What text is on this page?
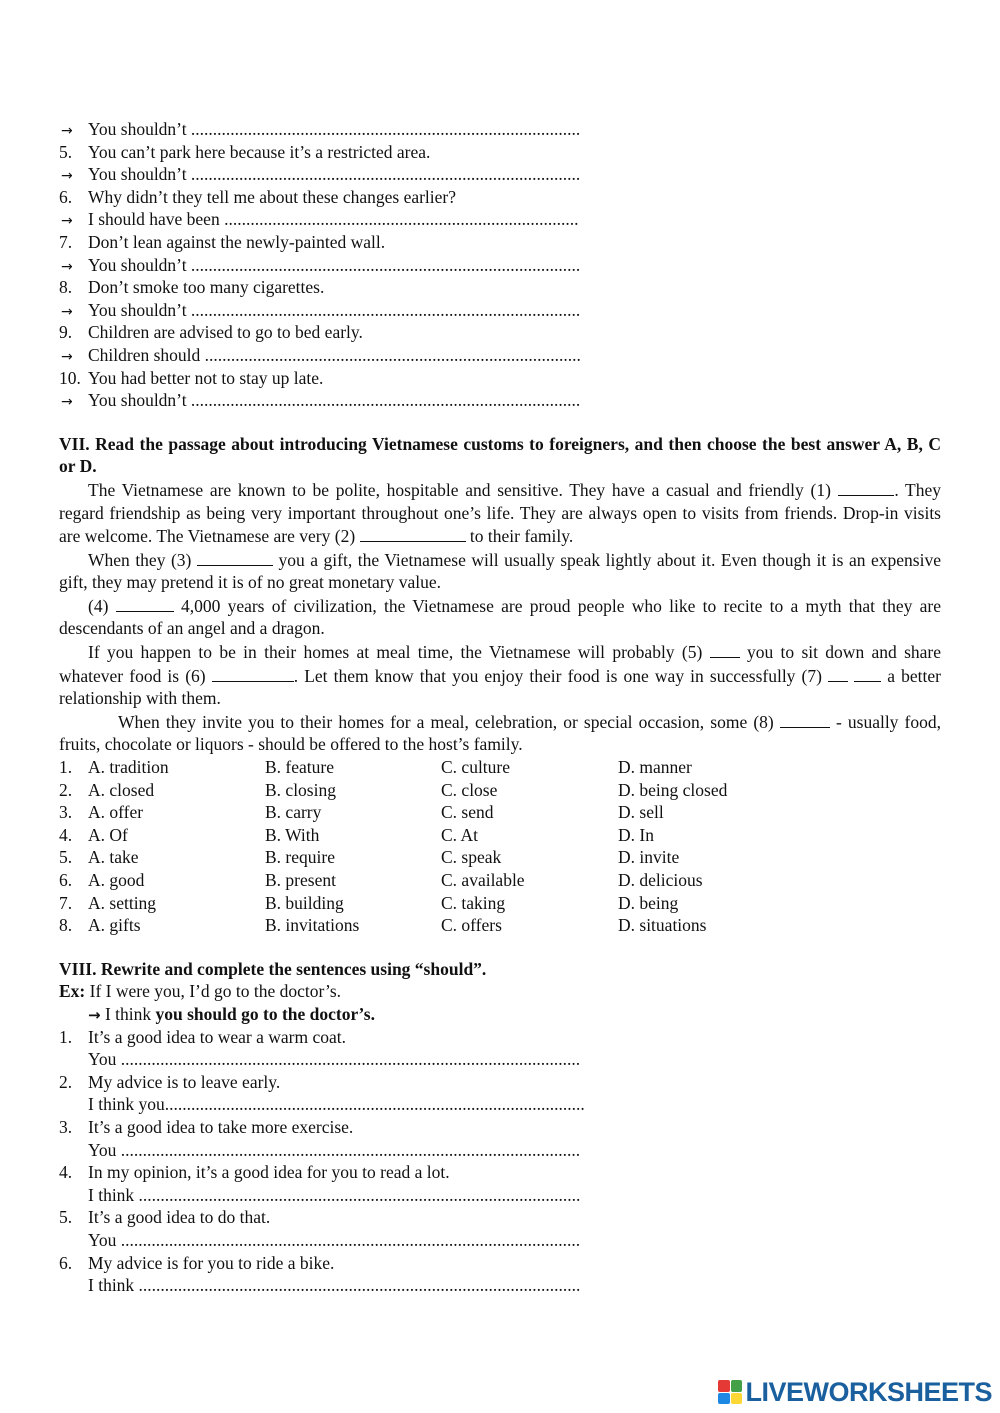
→ You shouldn’t .........................................................................................
5. You can’t park here because it’s a restricted area.
→ You shouldn’t .........................................................................................
6. Why didn’t they tell me about these changes earlier?
→ I should have been .................................................................................
7. Don’t lean against the newly-painted wall.
→ You shouldn’t .........................................................................................
8. Don’t smoke too many cigarettes.
→ You shouldn’t .........................................................................................
9. Children are advised to go to bed early.
→ Children should ......................................................................................
10. You had better not to stay up late.
→ You shouldn’t .........................................................................................
VII. Read the passage about introducing Vietnamese customs to foreigners, and then choose the best answer A, B, C or D.
The Vietnamese are known to be polite, hospitable and sensitive. They have a casual and friendly (1)	. They regard friendship as being very important throughout one’s life. They are always open to visits from friends. Drop-in visits are welcome. The Vietnamese are very (2)	to their family.
When they (3)	you a gift, the Vietnamese will usually speak lightly about it. Even though it is an expensive gift, they may pretend it is of no great monetary value.
(4)	4,000 years of civilization, the Vietnamese are proud people who like to recite to a myth that they are descendants of an angel and a dragon.
If you happen to be in their homes at meal time, the Vietnamese will probably (5)	you to sit down and share whatever food is (6)	. Let them know that you enjoy their food is one way in successfully (7)	a better relationship with them.
When they invite you to their homes for a meal, celebration, or special occasion, some (8)	- usually food, fruits, chocolate or liquors - should be offered to the host’s family.
1. A. tradition	B. feature	C. culture	D. manner
2. A. closed	B. closing	C. close	D. being closed
3. A. offer	B. carry	C. send	D. sell
4. A. Of	B. With	C. At	D. In
5. A. take	B. require	C. speak	D. invite
6. A. good	B. present	C. available	D. delicious
7. A. setting	B. building	C. taking	D. being
8. A. gifts	B. invitations	C. offers	D. situations
VIII. Rewrite and complete the sentences using “should”.
Ex: If I were you, I’d go to the doctor’s.
→ I think you should go to the doctor’s.
1. It’s a good idea to wear a warm coat.
You .........................................................................................................
2. My advice is to leave early.
I think you................................................................................................
3. It’s a good idea to take more exercise.
You .........................................................................................................
4. In my opinion, it’s a good idea for you to read a lot.
I think .....................................................................................................
5. It’s a good idea to do that.
You .........................................................................................................
6. My advice is for you to ride a bike.
I think .....................................................................................................
LIVEWORKSHEETS
